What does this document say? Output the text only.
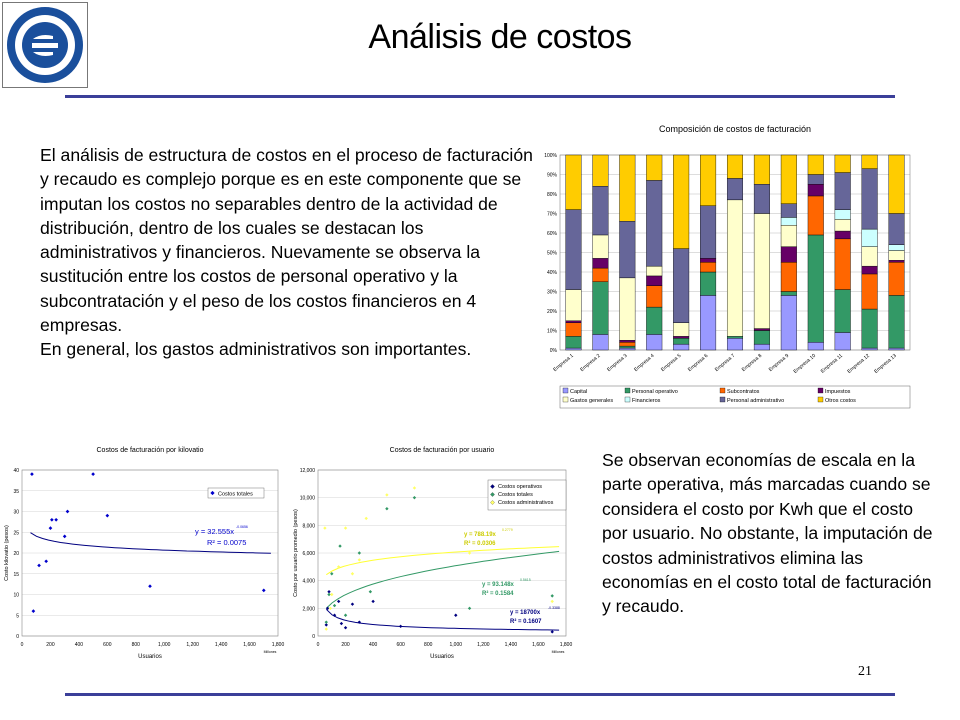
Análisis de costos

El análisis de estructura de costos en el proceso de facturación y recaudo es complejo porque es en este componente que se imputan los costos no separables dentro de la actividad de distribución, dentro de los cuales se destacan los administrativos y financieros. Nuevamente se observa la sustitución entre los costos de personal operativo y la subcontratación y el peso de los costos financieros en 4 empresas.

En general, los gastos administrativos son importantes.

Composición de costos de facturación
0%
10%
20%
30%
40%
50%
60%
70%
80%
90%
100%
Empresa 1 Empresa 2 Empresa 3 Empresa 4 Empresa 5 Empresa 6 Empresa 7 Empresa 8 Empresa 9 Empresa 10 Empresa 11 Empresa 12 Empresa 13
Capital	Personal operativo	Subcontratos	Impuestos
Gastos generales	Financieros	Personal administrativo	Otros costos
Costos de facturación por kilovatio
0
5
10
15
20
25
30
35
40
0	200	400	600	800	1,000	1,200	1,400	1,600	1,800
Usuarios
Millones
Costo kilovatio (pesos)
Costos totales
y = 32.555x -0.0656
R² = 0.0075
Costos de facturación por usuario
0
2,000
4,000
6,000
8,000
10,000
12,000
0	200	400	600	800	1,000	1,200	1,400	1,600	1,800
Usuarios
Millones
Costo por usuario promedio (pesos)
Costos operativos
Costos totales
Costos administrativos
y = 788.19x
0.2779
R² = 0.0306
y = 93.148x
0.5615
R² = 0.1584
y = 18700x
-0.3388
R² = 0.1607

Se observan economías de escala en la parte operativa, más marcadas cuando se considera el costo por Kwh que el costo por usuario. No obstante, la imputación de costos administrativos elimina las economías en el costo total de facturación y recaudo.

21
